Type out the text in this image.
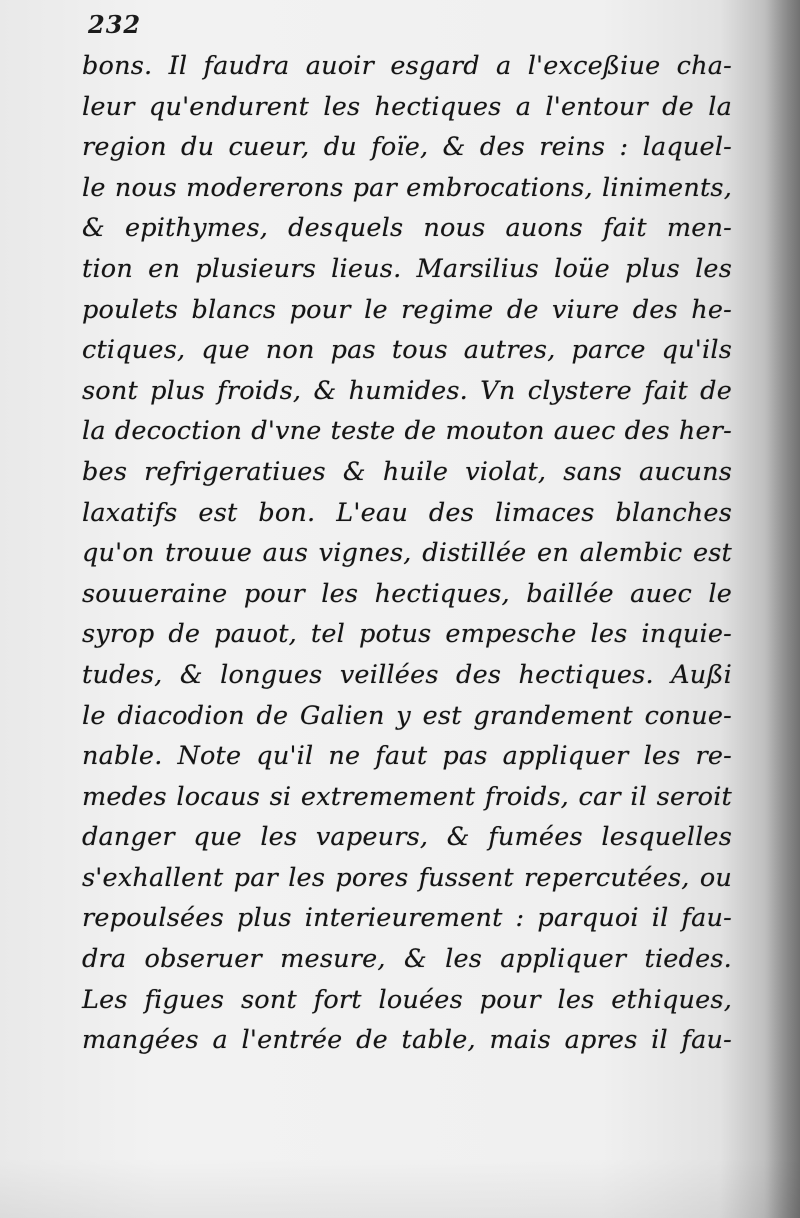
232
bons. Il faudra auoir esgard a l'exceßiue cha-
leur qu'endurent les hectiques a l'entour de la
region du cueur, du foïe, & des reins : laquel-
le nous modererons par embrocations, liniments,
& epithymes, desquels nous auons fait men-
tion en plusieurs lieus. Marsilius loüe plus les
poulets blancs pour le regime de viure des he-
ctiques, que non pas tous autres, parce qu'ils
sont plus froids, & humides. Vn clystere fait de
la decoction d'vne teste de mouton auec des her-
bes refrigeratiues & huile violat, sans aucuns
laxatifs est bon. L'eau des limaces blanches
qu'on trouue aus vignes, distillée en alembic est
souueraine pour les hectiques, baillée auec le
syrop de pauot, tel potus empesche les inquie-
tudes, & longues veillées des hectiques. Außi
le diacodion de Galien y est grandement conue-
nable. Note qu'il ne faut pas appliquer les re-
medes locaus si extremement froids, car il seroit
danger que les vapeurs, & fumées lesquelles
s'exhallent par les pores fussent repercutées, ou
repoulsées plus interieurement : parquoi il fau-
dra obseruer mesure, & les appliquer tiedes.
Les figues sont fort louées pour les ethiques,
mangées a l'entrée de table, mais apres il fau-
